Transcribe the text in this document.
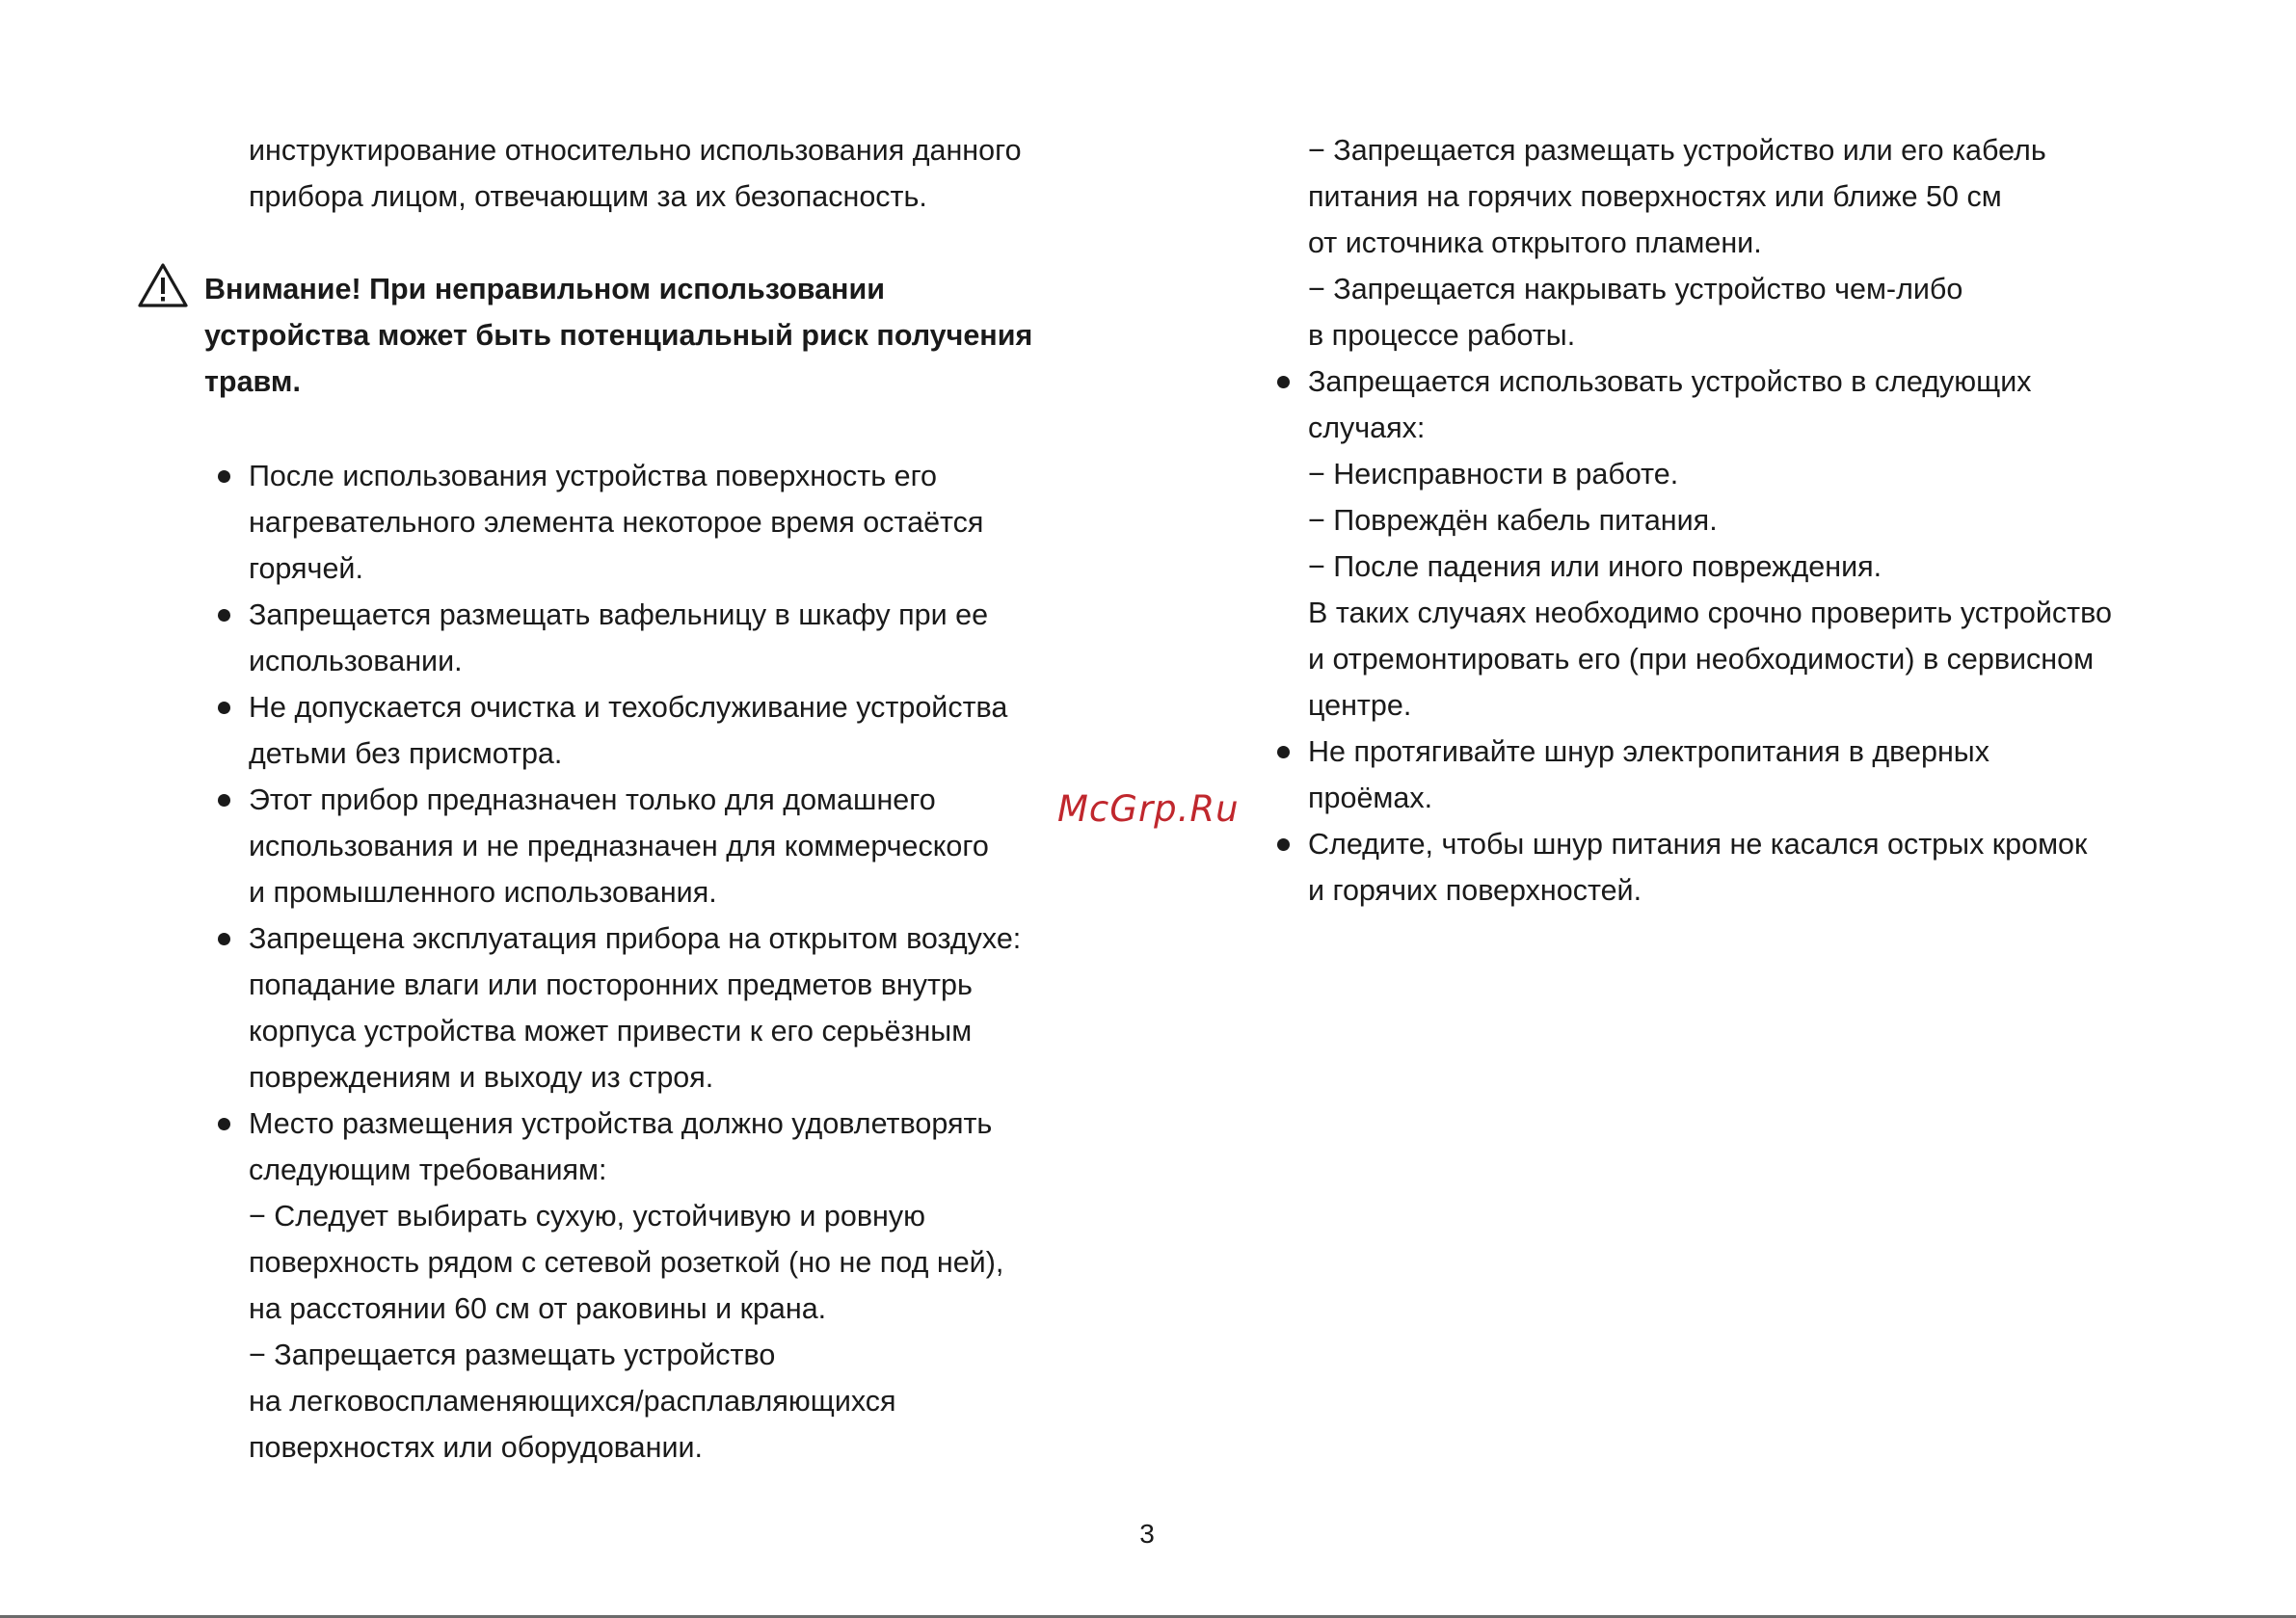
инструктирование относительно использования данного
прибора лицом, отвечающим за их безопасность.
Внимание! При неправильном использовании
устройства может быть потенциальный риск получения
травм.
После использования устройства поверхность его
нагревательного элемента некоторое время остаётся
горячей.
Запрещается размещать вафельницу в шкафу при ее
использовании.
Не допускается очистка и техобслуживание устройства
детьми без присмотра.
Этот прибор предназначен только для домашнего
использования и не предназначен для коммерческого
и промышленного использования.
Запрещена эксплуатация прибора на открытом воздухе:
попадание влаги или посторонних предметов внутрь
корпуса устройства может привести к его серьёзным
повреждениям и выходу из строя.
Место размещения устройства должно удовлетворять
следующим требованиям:
− Следует выбирать сухую, устойчивую и ровную
поверхность рядом с сетевой розеткой (но не под ней),
на расстоянии 60 см от раковины и крана.
− Запрещается размещать устройство
на легковоспламеняющихся/расплавляющихся
поверхностях или оборудовании.
− Запрещается размещать устройство или его кабель
питания на горячих поверхностях или ближе 50 см
от источника открытого пламени.
− Запрещается накрывать устройство чем-либо
в процессе работы.
Запрещается использовать устройство в следующих
случаях:
− Неисправности в работе.
− Повреждён кабель питания.
− После падения или иного повреждения.
В таких случаях необходимо срочно проверить устройство
и отремонтировать его (при необходимости) в сервисном
центре.
Не протягивайте шнур электропитания в дверных
проёмах.
Следите, чтобы шнур питания не касался острых кромок
и горячих поверхностей.
McGrp.Ru
3
